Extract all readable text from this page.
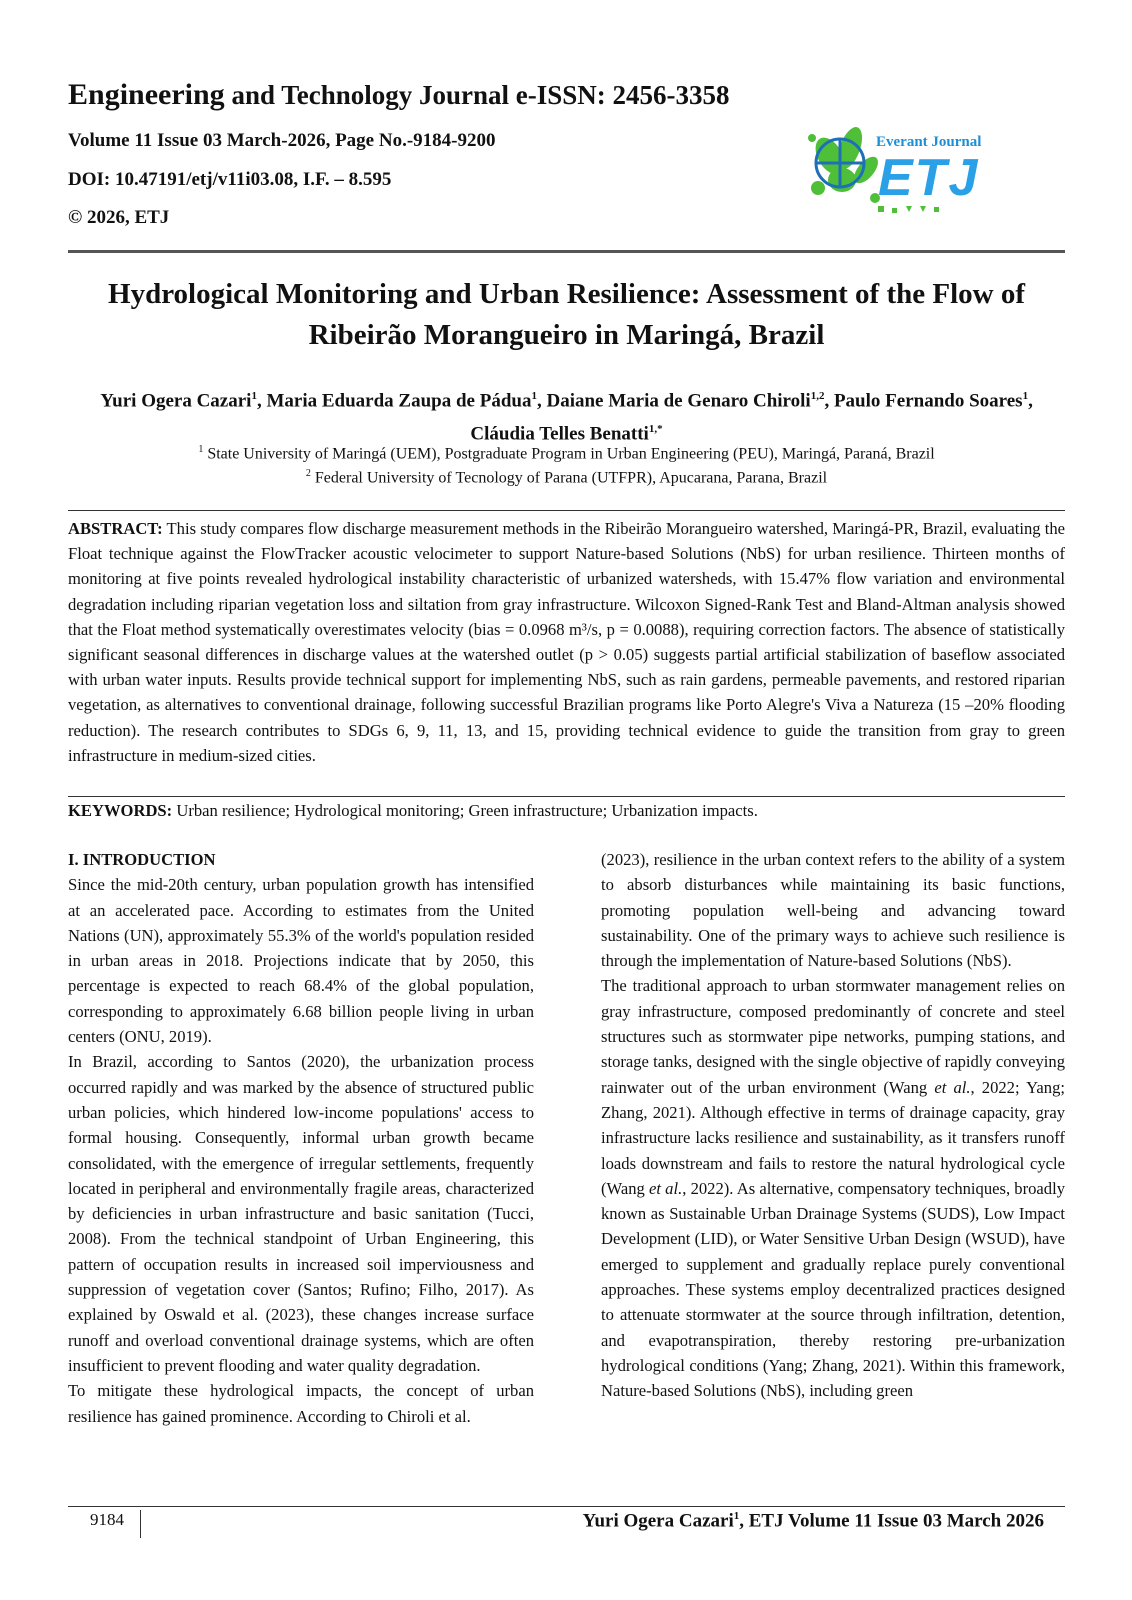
Engineering and Technology Journal e-ISSN: 2456-3358
Volume 11 Issue 03 March-2026, Page No.-9184-9200
DOI: 10.47191/etj/v11i03.08, I.F. – 8.595
© 2026, ETJ
Everant Journal
ETJ
Hydrological Monitoring and Urban Resilience: Assessment of the Flow of
Ribeirão Morangueiro in Maringá, Brazil
Yuri Ogera Cazari$^1$, Maria Eduarda Zaupa de Pádua$^1$, Daiane Maria de Genaro Chiroli$^{1,2}$, Paulo Fernando Soares$^1$, Cláudia Telles Benatti$^{1,*}$
$^1$ State University of Maringá (UEM), Postgraduate Program in Urban Engineering (PEU), Maringá, Paraná, Brazil
$^2$ Federal University of Tecnology of Parana (UTFPR), Apucarana, Parana, Brazil
ABSTRACT: This study compares flow discharge measurement methods in the Ribeirão Morangueiro watershed, Maringá-PR, Brazil, evaluating the Float technique against the FlowTracker acoustic velocimeter to support Nature-based Solutions (NbS) for urban resilience. Thirteen months of monitoring at five points revealed hydrological instability characteristic of urbanized watersheds, with 15.47% flow variation and environmental degradation including riparian vegetation loss and siltation from gray infrastructure. Wilcoxon Signed-Rank Test and Bland-Altman analysis showed that the Float method systematically overestimates velocity (bias = 0.0968 m³/s, p = 0.0088), requiring correction factors. The absence of statistically significant seasonal differences in discharge values at the watershed outlet (p > 0.05) suggests partial artificial stabilization of baseflow associated with urban water inputs. Results provide technical support for implementing NbS, such as rain gardens, permeable pavements, and restored riparian vegetation, as alternatives to conventional drainage, following successful Brazilian programs like Porto Alegre's Viva a Natureza (15 –20% flooding reduction). The research contributes to SDGs 6, 9, 11, 13, and 15, providing technical evidence to guide the transition from gray to green infrastructure in medium-sized cities.
KEYWORDS: Urban resilience; Hydrological monitoring; Green infrastructure; Urbanization impacts.

I. INTRODUCTION

Since the mid-20th century, urban population growth has intensified at an accelerated pace. According to estimates from the United Nations (UN), approximately 55.3% of the world's population resided in urban areas in 2018. Projections indicate that by 2050, this percentage is expected to reach 68.4% of the global population, corresponding to approximately 6.68 billion people living in urban centers (ONU, 2019).

In Brazil, according to Santos (2020), the urbanization process occurred rapidly and was marked by the absence of structured public urban policies, which hindered low-income populations' access to formal housing. Consequently, informal urban growth became consolidated, with the emergence of irregular settlements, frequently located in peripheral and environmentally fragile areas, characterized by deficiencies in urban infrastructure and basic sanitation (Tucci, 2008). From the technical standpoint of Urban Engineering, this pattern of occupation results in increased soil imperviousness and suppression of vegetation cover (Santos; Rufino; Filho, 2017). As explained by Oswald et al. (2023), these changes increase surface runoff and overload conventional drainage systems, which are often insufficient to prevent flooding and water quality degradation.

To mitigate these hydrological impacts, the concept of urban resilience has gained prominence. According to Chiroli et al.

(2023), resilience in the urban context refers to the ability of a system to absorb disturbances while maintaining its basic functions, promoting population well-being and advancing toward sustainability. One of the primary ways to achieve such resilience is through the implementation of Nature-based Solutions (NbS).

The traditional approach to urban stormwater management relies on gray infrastructure, composed predominantly of concrete and steel structures such as stormwater pipe networks, pumping stations, and storage tanks, designed with the single objective of rapidly conveying rainwater out of the urban environment (Wang et al., 2022; Yang; Zhang, 2021). Although effective in terms of drainage capacity, gray infrastructure lacks resilience and sustainability, as it transfers runoff loads downstream and fails to restore the natural hydrological cycle (Wang et al., 2022). As alternative, compensatory techniques, broadly known as Sustainable Urban Drainage Systems (SUDS), Low Impact Development (LID), or Water Sensitive Urban Design (WSUD), have emerged to supplement and gradually replace purely conventional approaches. These systems employ decentralized practices designed to attenuate stormwater at the source through infiltration, detention, and evapotranspiration, thereby restoring pre-urbanization hydrological conditions (Yang; Zhang, 2021). Within this framework, Nature-based Solutions (NbS), including green

9184	Yuri Ogera Cazari$^1$, ETJ Volume 11 Issue 03 March 2026
